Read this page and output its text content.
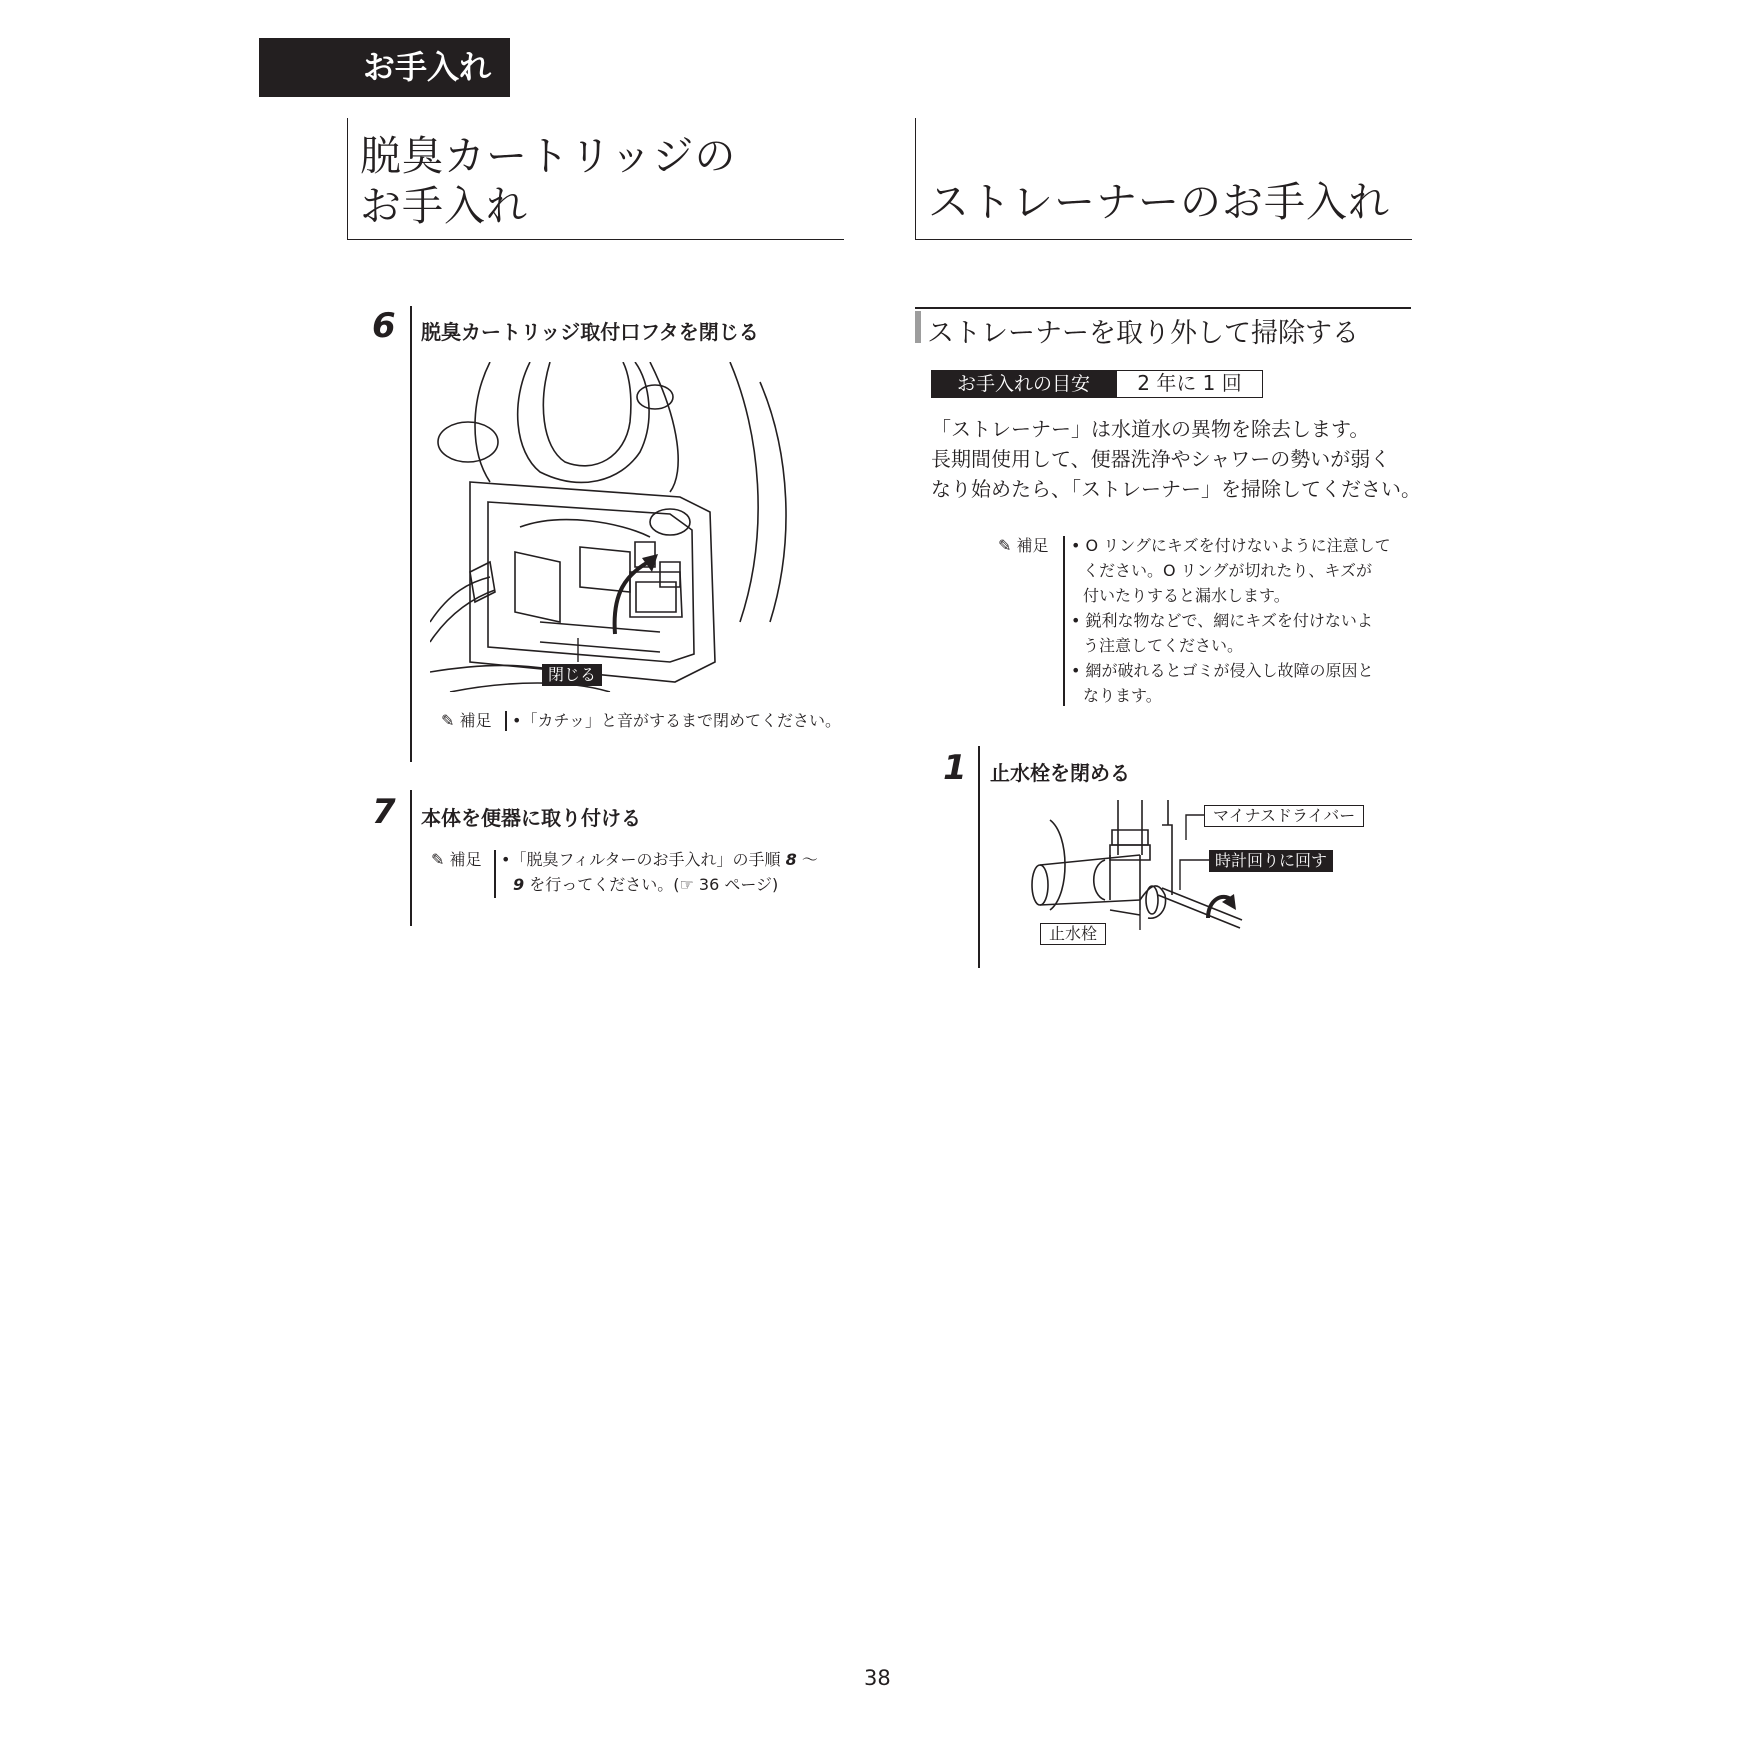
お手入れ
脱臭カートリッジの
お手入れ	ストレーナーのお手入れ
6 脱臭カートリッジ取付口フタを閉じる
閉じる
✎ 補足 •「カチッ」と音がするまで閉めてください。
7 本体を便器に取り付ける
✎ 補足 •「脱臭フィルターのお手入れ」の手順 8 ～
9 を行ってください。(☞ 36 ページ)
ストレーナーを取り外して掃除する
お手入れの目安	2 年に 1 回
「ストレーナー」は水道水の異物を除去します。
長期間使用して、便器洗浄やシャワーの勢いが弱く
なり始めたら、「ストレーナー」を掃除してください。
✎ 補足 • O リングにキズを付けないように注意して
ください。O リングが切れたり、キズが
付いたりすると漏水します。
• 鋭利な物などで、網にキズを付けないよ
う注意してください。
• 網が破れるとゴミが侵入し故障の原因と
なります。
1 止水栓を閉める
マイナスドライバー
時計回りに回す
止水栓
38
